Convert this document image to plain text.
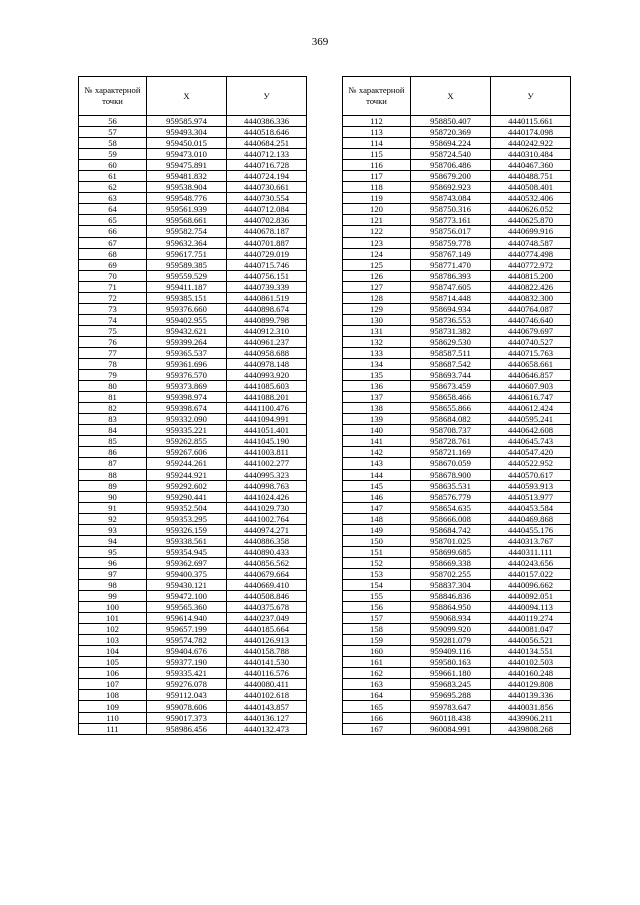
369
№ характерной точки	X	У
56	959585.974	4440386.336
57	959493.304	4440518.646
58	959450.015	4440684.251
59	959473.010	4440712.133
60	959475.891	4440716.728
61	959481.832	4440724.194
62	959538.904	4440730.661
63	959548.776	4440730.554
64	959561.939	4440712.084
65	959568.661	4440702.836
66	959582.754	4440678.187
67	959632.364	4440701.887
68	959617.751	4440729.019
69	959589.385	4440715.746
70	959559.529	4440756.151
71	959411.187	4440739.339
72	959385.151	4440861.519
73	959376.660	4440898.674
74	959402.955	4440899.798
75	959432.621	4440912.310
76	959399.264	4440961.237
77	959365.537	4440958.688
78	959361.696	4440978.148
79	959376.570	4440993.920
80	959373.869	4441085.603
81	959398.974	4441088.201
82	959398.674	4441100.476
83	959332.090	4441094.991
84	959335.221	4441051.401
85	959262.855	4441045.190
86	959267.606	4441003.811
87	959244.261	4441002.277
88	959244.921	4440995.323
89	959292.602	4440998.763
90	959290.441	4441024.426
91	959352.504	4441029.730
92	959353.295	4441002.764
93	959326.159	4440974.271
94	959338.561	4440886.358
95	959354.945	4440890.433
96	959362.697	4440856.562
97	959400.375	4440679.664
98	959430.121	4440669.410
99	959472.100	4440508.846
100	959565.360	4440375.678
101	959614.940	4440237.049
102	959657.199	4440185.664
103	959574.782	4440126.913
104	959404.676	4440158.788
105	959377.190	4440141.530
106	959335.421	4440116.576
107	959276.078	4440080.411
108	959112.043	4440102.618
109	959078.606	4440143.857
110	959017.373	4440136.127
111	958986.456	4440132.473
№ характерной точки	X	У
112	958850.407	4440115.661
113	958720.369	4440174.098
114	958694.224	4440242.922
115	958724.540	4440310.484
116	958706.486	4440467.360
117	958679.200	4440488.751
118	958692.923	4440508.401
119	958743.084	4440532.406
120	958750.316	4440626.052
121	958773.161	4440625.870
122	958756.017	4440699.916
123	958759.778	4440748.587
124	958767.149	4440774.498
125	958771.470	4440772.972
126	958786.393	4440815.200
127	958747.605	4440822.426
128	958714.448	4440832.300
129	958694.934	4440764.087
130	958736.553	4440746.640
131	958731.382	4440679.697
132	958629.530	4440740.527
133	958587.511	4440715.763
134	958687.542	4440658.661
135	958693.744	4440646.857
136	958673.459	4440607.903
137	958658.466	4440616.747
138	958655.866	4440612.424
139	958684.082	4440595.241
140	958708.737	4440642.608
141	958728.761	4440645.743
142	958721.169	4440547.420
143	958670.059	4440522.952
144	958678.900	4440570.617
145	958635.531	4440593.913
146	958576.779	4440513.977
147	958654.635	4440453.584
148	958666.008	4440469.868
149	958684.742	4440455.176
150	958701.025	4440313.767
151	958699.685	4440311.111
152	958669.338	4440243.656
153	958702.255	4440157.022
154	958837.304	4440096.662
155	958846.836	4440092.051
156	958864.950	4440094.113
157	959068.934	4440119.274
158	959099.920	4440081.047
159	959281.079	4440056.521
160	959409.116	4440134.551
161	959580.163	4440102.503
162	959661.180	4440160.248
163	959683.245	4440129.808
164	959695.288	4440139.336
165	959783.647	4440031.856
166	960118.438	4439906.211
167	960084.991	4439808.268
